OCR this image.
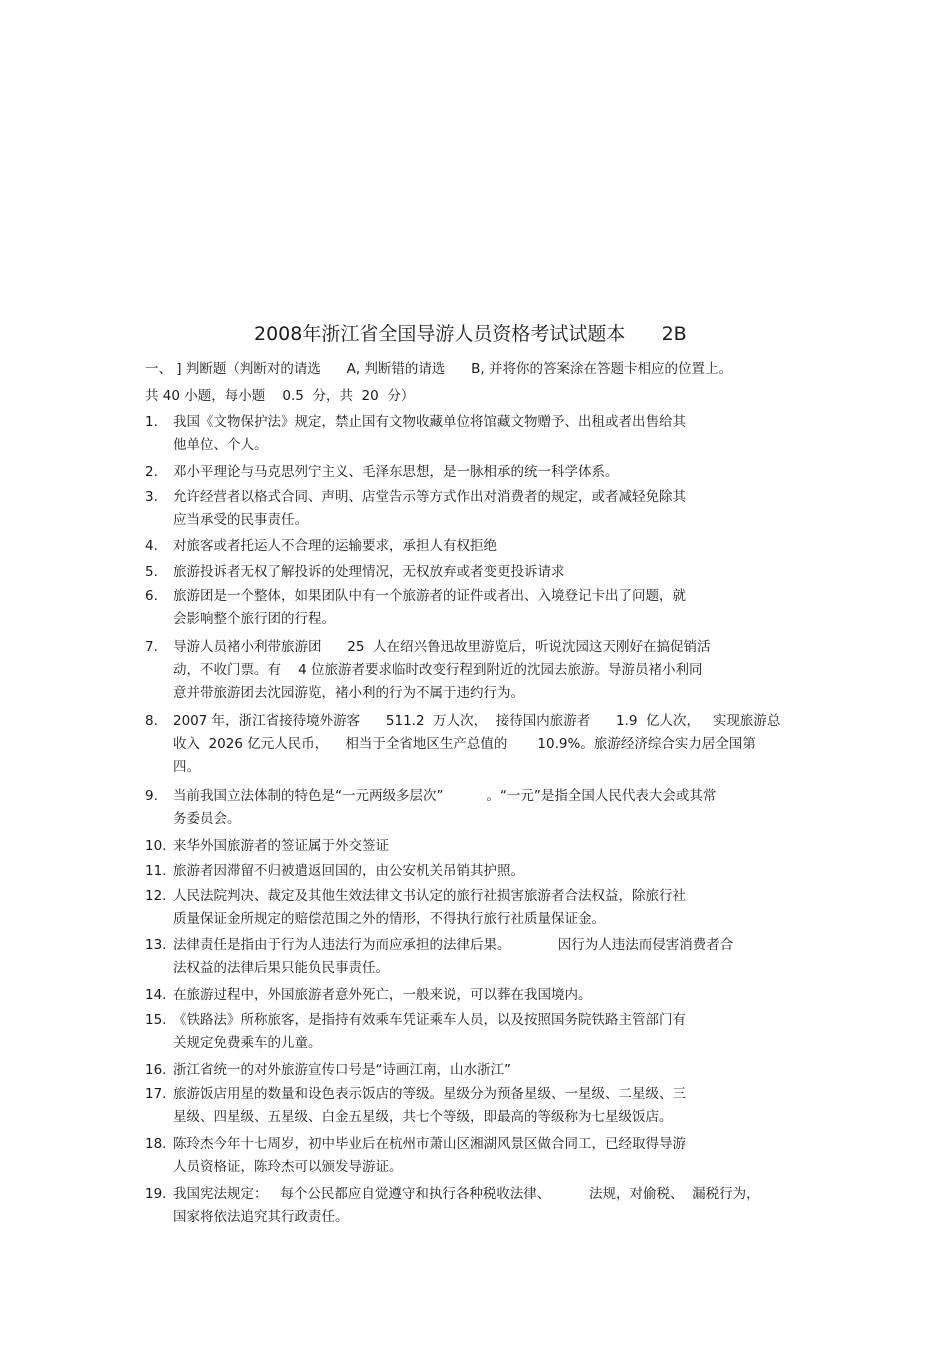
2008年浙江省全国导游人员资格考试试题本      2B
一、 ] 判断题（判断对的请选      A, 判断错的请选      B, 并将你的答案涂在答题卡相应的位置上。
共 40 小题，每小题    0.5  分，共  20  分）
1.	我国《文物保护法》规定，禁止国有文物收藏单位将馆藏文物赠予、出租或者出售给其
他单位、个人。
2.	邓小平理论与马克思列宁主义、毛泽东思想，是一脉相承的统一科学体系。
3.	允许经营者以格式合同、声明、店堂告示等方式作出对消费者的规定，或者减轻免除其
应当承受的民事责任。
4.	对旅客或者托运人不合理的运输要求，承担人有权拒绝
5.	旅游投诉者无权了解投诉的处理情况，无权放弃或者变更投诉请求
6.	旅游团是一个整体，如果团队中有一个旅游者的证件或者出、入境登记卡出了问题，就
会影响整个旅行团的行程。
7.	导游人员褚小利带旅游团      25  人在绍兴鲁迅故里游览后，听说沈园这天刚好在搞促销活
动，不收门票。有    4 位旅游者要求临时改变行程到附近的沈园去旅游。导游员褚小利同
意并带旅游团去沈园游览，褚小利的行为不属于违约行为。
8.	2007 年，浙江省接待境外游客      511.2  万人次，  接待国内旅游者      1.9  亿人次，   实现旅游总
收入  2026 亿元人民币，    相当于全省地区生产总值的       10.9%。旅游经济综合实力居全国第
四。
9.	当前我国立法体制的特色是“一元两级多层次”          。“一元”是指全国人民代表大会或其常
务委员会。
10. 来华外国旅游者的签证属于外交签证
11. 旅游者因滞留不归被遣返回国的，由公安机关吊销其护照。
12. 人民法院判决、裁定及其他生效法律文书认定的旅行社损害旅游者合法权益，除旅行社
质量保证金所规定的赔偿范围之外的情形，不得执行旅行社质量保证金。
13. 法律责任是指由于行为人违法行为而应承担的法律后果。           因行为人违法而侵害消费者合
法权益的法律后果只能负民事责任。
14. 在旅游过程中，外国旅游者意外死亡，一般来说，可以葬在我国境内。
15. 《铁路法》所称旅客，是指持有效乘车凭证乘车人员，以及按照国务院铁路主管部门有
关规定免费乘车的儿童。
16. 浙江省统一的对外旅游宣传口号是“诗画江南，山水浙江”
17. 旅游饭店用星的数量和设色表示饭店的等级。星级分为预备星级、一星级、二星级、三
星级、四星级、五星级、白金五星级，共七个等级，即最高的等级称为七星级饭店。
18. 陈玲杰今年十七周岁，初中毕业后在杭州市萧山区湘湖风景区做合同工，已经取得导游
人员资格证，陈玲杰可以颁发导游证。
19. 我国宪法规定：   每个公民都应自觉遵守和执行各种税收法律、         法规，对偷税、  漏税行为，
国家将依法追究其行政责任。
